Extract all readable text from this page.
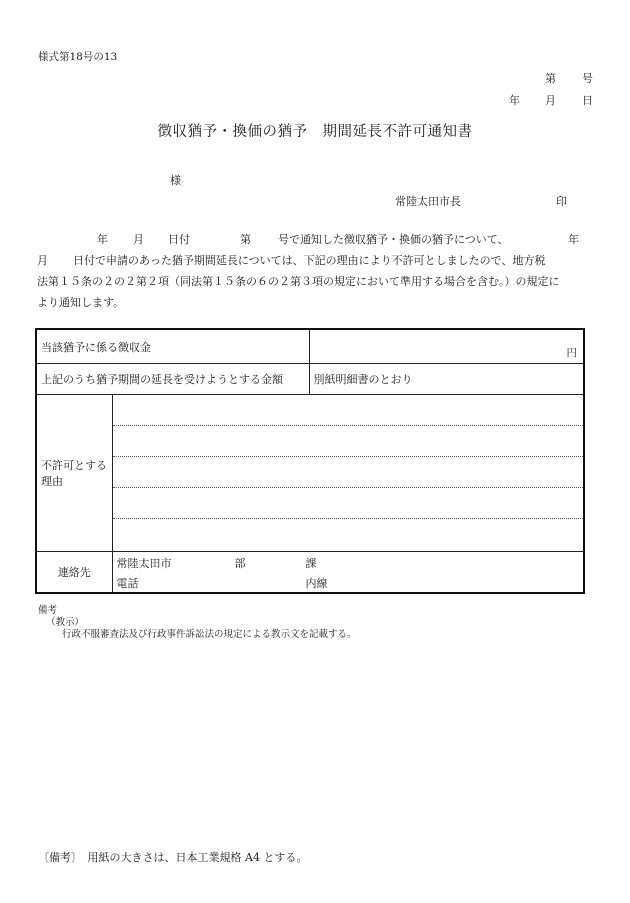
様式第18号の13
第 号
年 月 日
徴収猶予・換価の猶予　期間延長不許可通知書
様
常陸太田市長	印
年 月 日付	第 号で通知した徴収猶予・換価の猶予について、	年
月 日付で申請のあった猶予期間延長については、下記の理由により不許可としましたので、地方税
法第１５条の２の２第２項（同法第１５条の６の２第３項の規定において準用する場合を含む。）の規定に
より通知します。
当該猶予に係る徴収金		円

上記のうち猶予期間の延長を受けようとする金額		別紙明細書のとおり
不許可とする理由		

連絡先	常陸太田市 部 課
電話 内線	
備考
（教示）
行政不服審査法及び行政事件訴訟法の規定による教示文を記載する。
〔備考〕　用紙の大きさは、日本工業規格 A4 とする。
